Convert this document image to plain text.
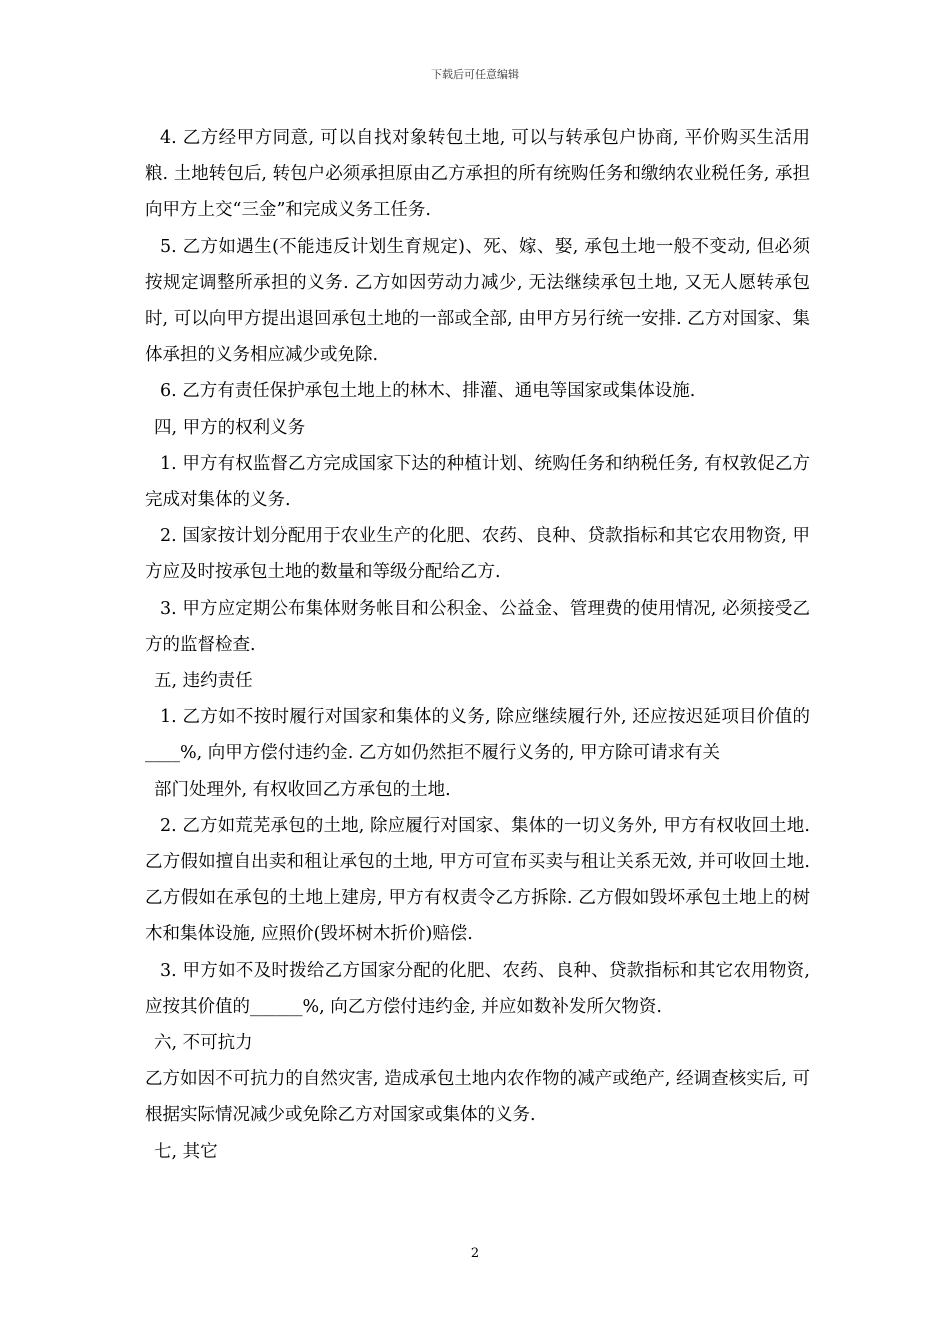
下载后可任意编辑

4. 乙方经甲方同意, 可以自找对象转包土地, 可以与转承包户协商, 平价购买生活用粮. 土地转包后, 转包户必须承担原由乙方承担的所有统购任务和缴纳农业税任务, 承担向甲方上交“三金”和完成义务工任务.

5. 乙方如遇生(不能违反计划生育规定)、死、嫁、娶, 承包土地一般不变动, 但必须按规定调整所承担的义务. 乙方如因劳动力减少, 无法继续承包土地, 又无人愿转承包时, 可以向甲方提出退回承包土地的一部或全部, 由甲方另行统一安排. 乙方对国家、集体承担的义务相应减少或免除.

6. 乙方有责任保护承包土地上的林木、排灌、通电等国家或集体设施.

四, 甲方的权利义务

1. 甲方有权监督乙方完成国家下达的种植计划、统购任务和纳税任务, 有权敦促乙方完成对集体的义务.

2. 国家按计划分配用于农业生产的化肥、农药、良种、贷款指标和其它农用物资, 甲方应及时按承包土地的数量和等级分配给乙方.

3. 甲方应定期公布集体财务帐目和公积金、公益金、管理费的使用情况, 必须接受乙方的监督检查.

五, 违约责任

1. 乙方如不按时履行对国家和集体的义务, 除应继续履行外, 还应按迟延项目价值的____%, 向甲方偿付违约金. 乙方如仍然拒不履行义务的, 甲方除可请求有关

部门处理外, 有权收回乙方承包的土地.

2. 乙方如荒芜承包的土地, 除应履行对国家、集体的一切义务外, 甲方有权收回土地. 乙方假如擅自出卖和租让承包的土地, 甲方可宣布买卖与租让关系无效, 并可收回土地. 乙方假如在承包的土地上建房, 甲方有权责令乙方拆除. 乙方假如毁坏承包土地上的树木和集体设施, 应照价(毁坏树木折价)赔偿.

3. 甲方如不及时拨给乙方国家分配的化肥、农药、良种、贷款指标和其它农用物资, 应按其价值的______%, 向乙方偿付违约金, 并应如数补发所欠物资.

六, 不可抗力

乙方如因不可抗力的自然灾害, 造成承包土地内农作物的减产或绝产, 经调查核实后, 可根据实际情况减少或免除乙方对国家或集体的义务.

七, 其它

2
